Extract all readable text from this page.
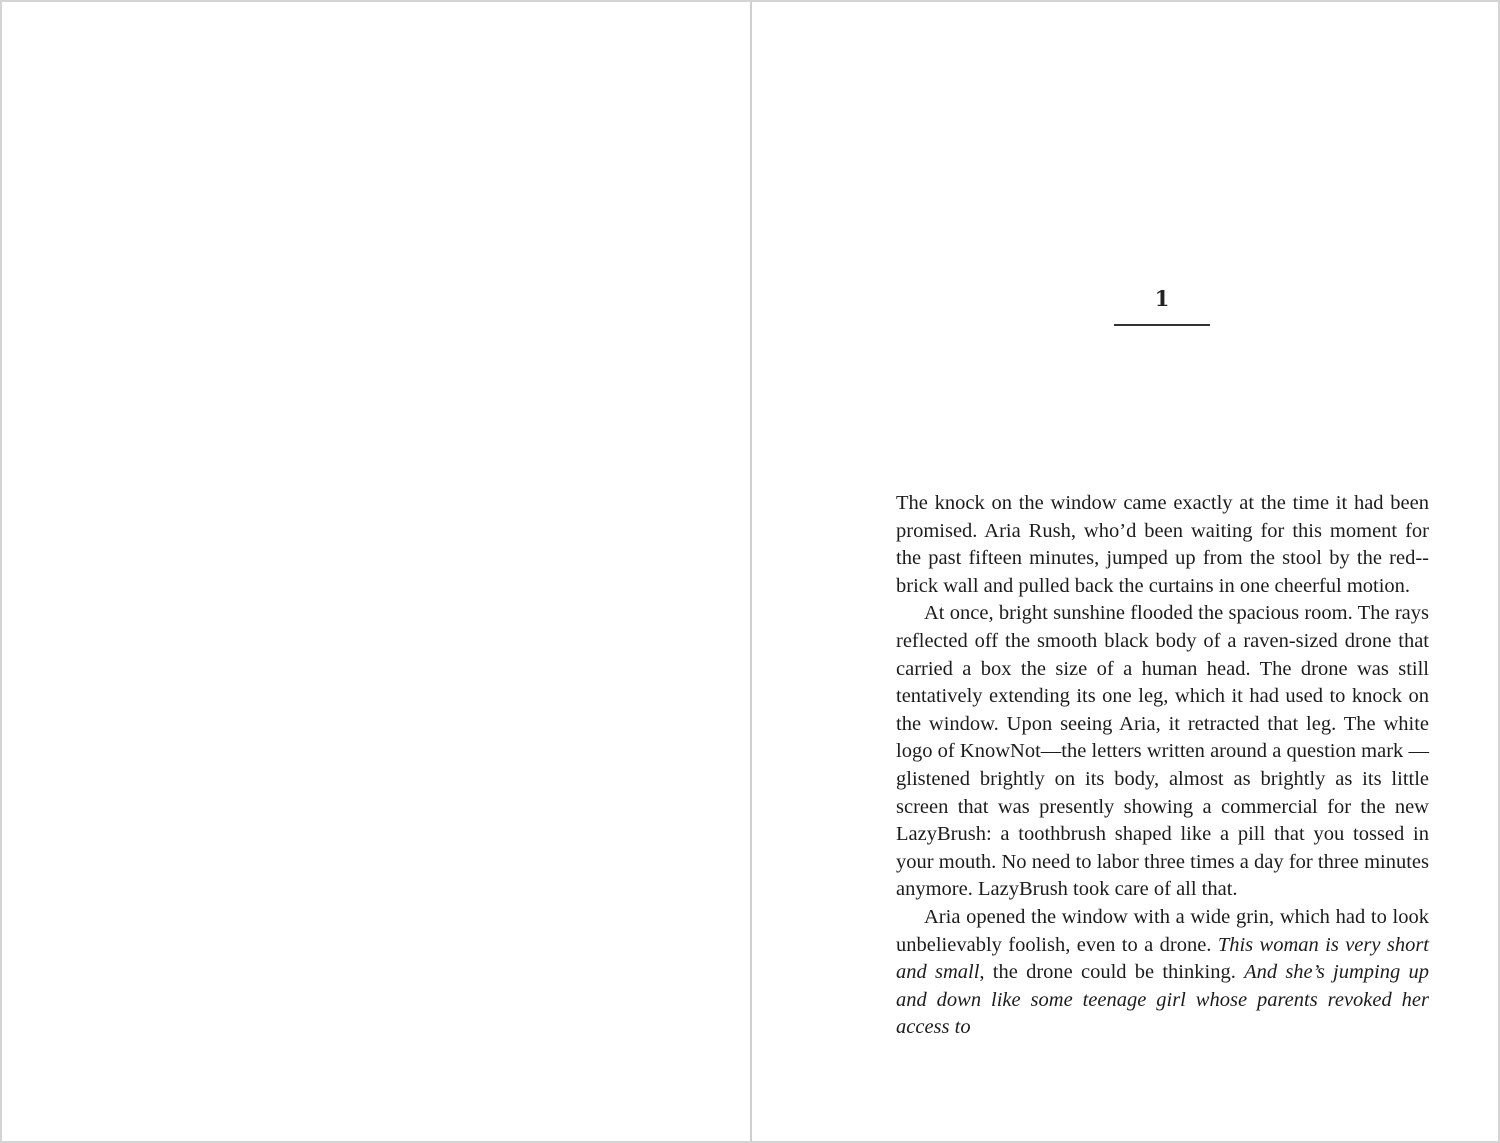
1

The knock on the window came exactly at the time it had been promised. Aria Rush, who’d been waiting for this moment for the past fifteen minutes, jumped up from the stool by the red-brick wall and pulled back the curtains in one cheerful motion.

At once, bright sunshine flooded the spacious room. The rays reflected off the smooth black body of a raven-sized drone that carried a box the size of a human head. The drone was still tentatively extending its one leg, which it had used to knock on the window. Upon seeing Aria, it retracted that leg. The white logo of KnowNot—the letters written around a question mark —glistened brightly on its body, almost as brightly as its little screen that was presently showing a commercial for the new LazyBrush: a toothbrush shaped like a pill that you tossed in your mouth. No need to labor three times a day for three minutes anymore. LazyBrush took care of all that.

Aria opened the window with a wide grin, which had to look unbelievably foolish, even to a drone. This woman is very short and small, the drone could be thinking. And she’s jumping up and down like some teenage girl whose parents revoked her access to
